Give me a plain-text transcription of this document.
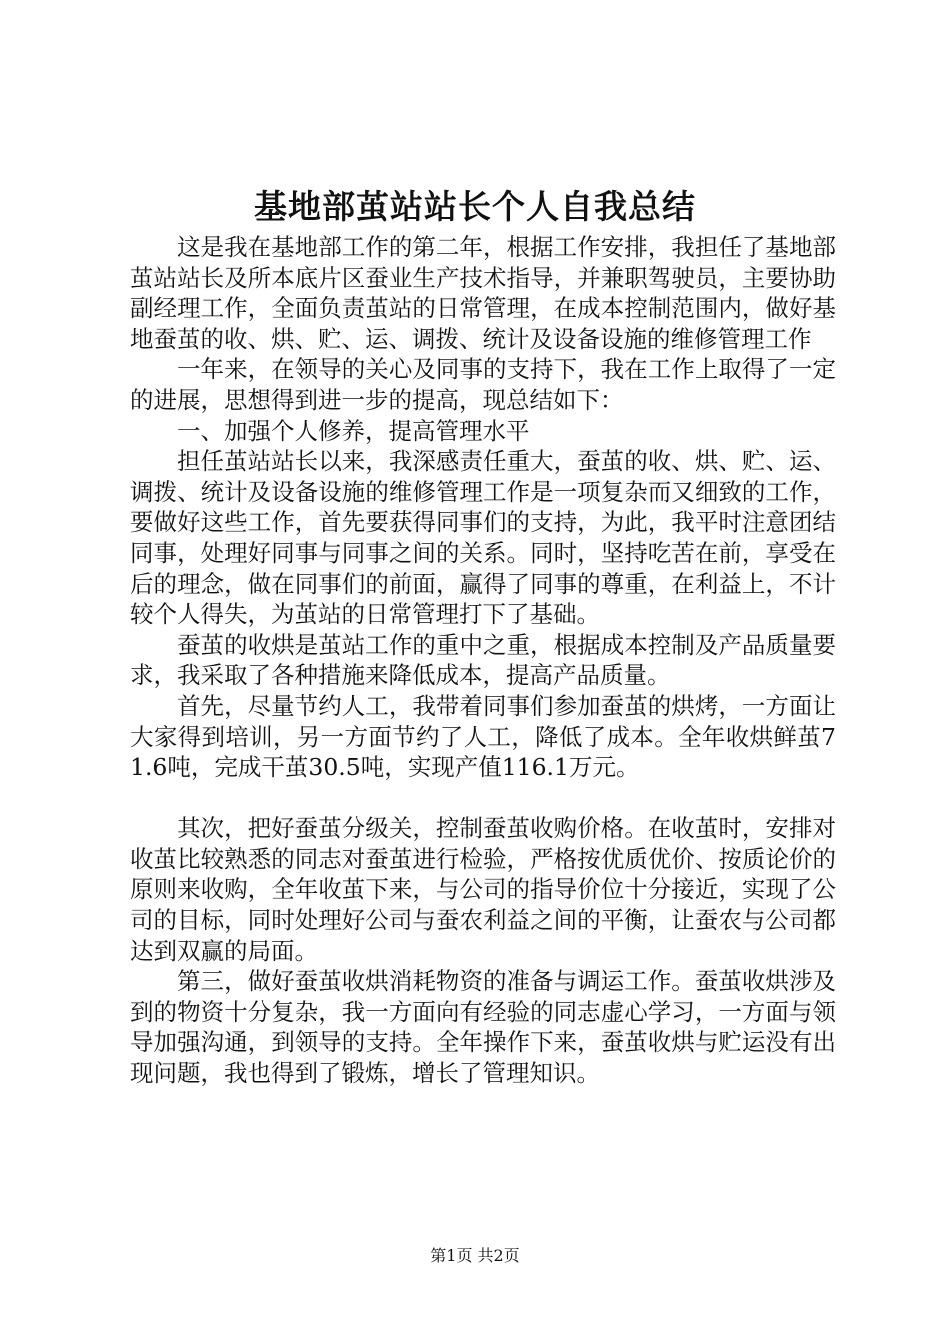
基地部茧站站长个人自我总结

这是我在基地部工作的第二年，根据工作安排，我担任了基地部茧站站长及所本底片区蚕业生产技术指导，并兼职驾驶员，主要协助副经理工作，全面负责茧站的日常管理，在成本控制范围内，做好基地蚕茧的收、烘、贮、运、调拨、统计及设备设施的维修管理工作

一年来，在领导的关心及同事的支持下，我在工作上取得了一定的进展，思想得到进一步的提高，现总结如下：

一、加强个人修养，提高管理水平

担任茧站站长以来，我深感责任重大，蚕茧的收、烘、贮、运、调拨、统计及设备设施的维修管理工作是一项复杂而又细致的工作，要做好这些工作，首先要获得同事们的支持，为此，我平时注意团结同事，处理好同事与同事之间的关系。同时，坚持吃苦在前，享受在后的理念，做在同事们的前面，赢得了同事的尊重，在利益上，不计较个人得失，为茧站的日常管理打下了基础。

蚕茧的收烘是茧站工作的重中之重，根据成本控制及产品质量要求，我采取了各种措施来降低成本，提高产品质量。

首先，尽量节约人工，我带着同事们参加蚕茧的烘烤，一方面让大家得到培训，另一方面节约了人工，降低了成本。全年收烘鲜茧71.6吨，完成干茧30.5吨，实现产值116.1万元。

其次，把好蚕茧分级关，控制蚕茧收购价格。在收茧时，安排对收茧比较熟悉的同志对蚕茧进行检验，严格按优质优价、按质论价的原则来收购，全年收茧下来，与公司的指导价位十分接近，实现了公司的目标，同时处理好公司与蚕农利益之间的平衡，让蚕农与公司都达到双赢的局面。

第三，做好蚕茧收烘消耗物资的准备与调运工作。蚕茧收烘涉及到的物资十分复杂，我一方面向有经验的同志虚心学习，一方面与领导加强沟通，到领导的支持。全年操作下来，蚕茧收烘与贮运没有出现问题，我也得到了锻炼，增长了管理知识。

第1页 共2页
